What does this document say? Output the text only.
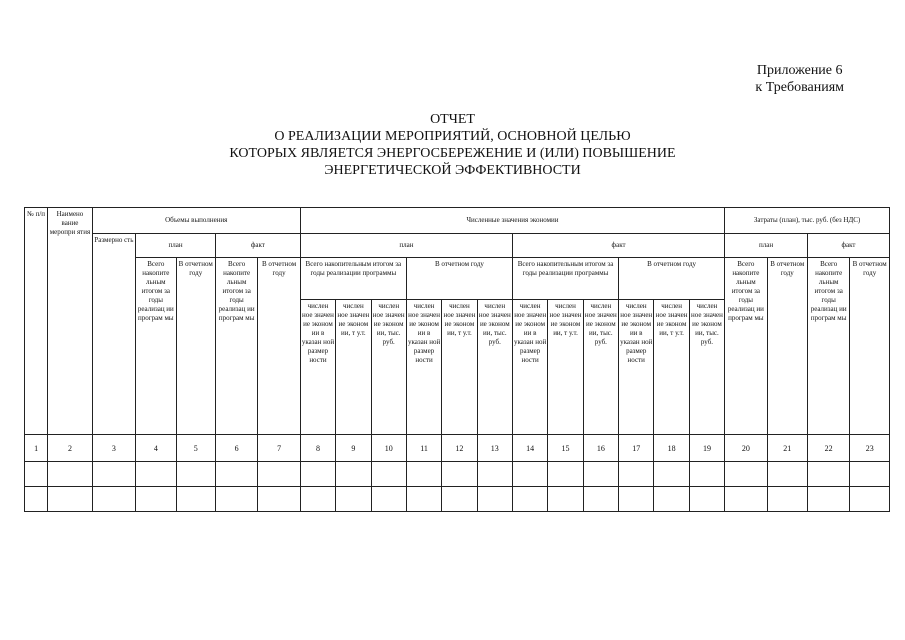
Приложение 6
к Требованиям
ОТЧЕТ
О РЕАЛИЗАЦИИ МЕРОПРИЯТИЙ, ОСНОВНОЙ ЦЕЛЬЮ
КОТОРЫХ ЯВЛЯЕТСЯ ЭНЕРГОСБЕРЕЖЕНИЕ И (ИЛИ) ПОВЫШЕНИЕ
ЭНЕРГЕТИЧЕСКОЙ ЭФФЕКТИВНОСТИ
№ п/п	Наимено вание меропри ятия	Объемы выполнения					Численные значения экономии												Затраты (план), тыс. руб. (без НДС)			
		Размерно сть	план		факт		план						факт						план		факт	
			Всего накопите льным итогом за годы реализац ии програм мы	В отчетном году	Всего накопите льным итогом за годы реализац ии програм мы	В отчетном году	Всего накопительным итогом за годы реализации программы			В отчетном году			Всего накопительным итогом за годы реализации программы			В отчетном году			Всего накопите льным итогом за годы реализац ии програм мы	В отчетном году	Всего накопите льным итогом за годы реализац ии програм мы	В отчетном году
							числен ное значен ие эконом ии в указан ной размер ности	числен ное значен ие эконом ии, т у.т.	числен ное значен ие эконом ии, тыс. руб.	числен ное значен ие эконом ии в указан ной размер ности	числен ное значен ие эконом ии, т у.т.	числен ное значен ие эконом ии, тыс. руб.	числен ное значен ие эконом ии в указан ной размер ности	числен ное значен ие эконом ии, т у.т.	числен ное значен ие эконом ии, тыс. руб.	числен ное значен ие эконом ии в указан ной размер ности	числен ное значен ие эконом ии, т у.т.	числен ное значен ие эконом ии, тыс. руб.				
1	2	3	4	5	6	7	8	9	10	11	12	13	14	15	16	17	18	19	20	21	22	23
